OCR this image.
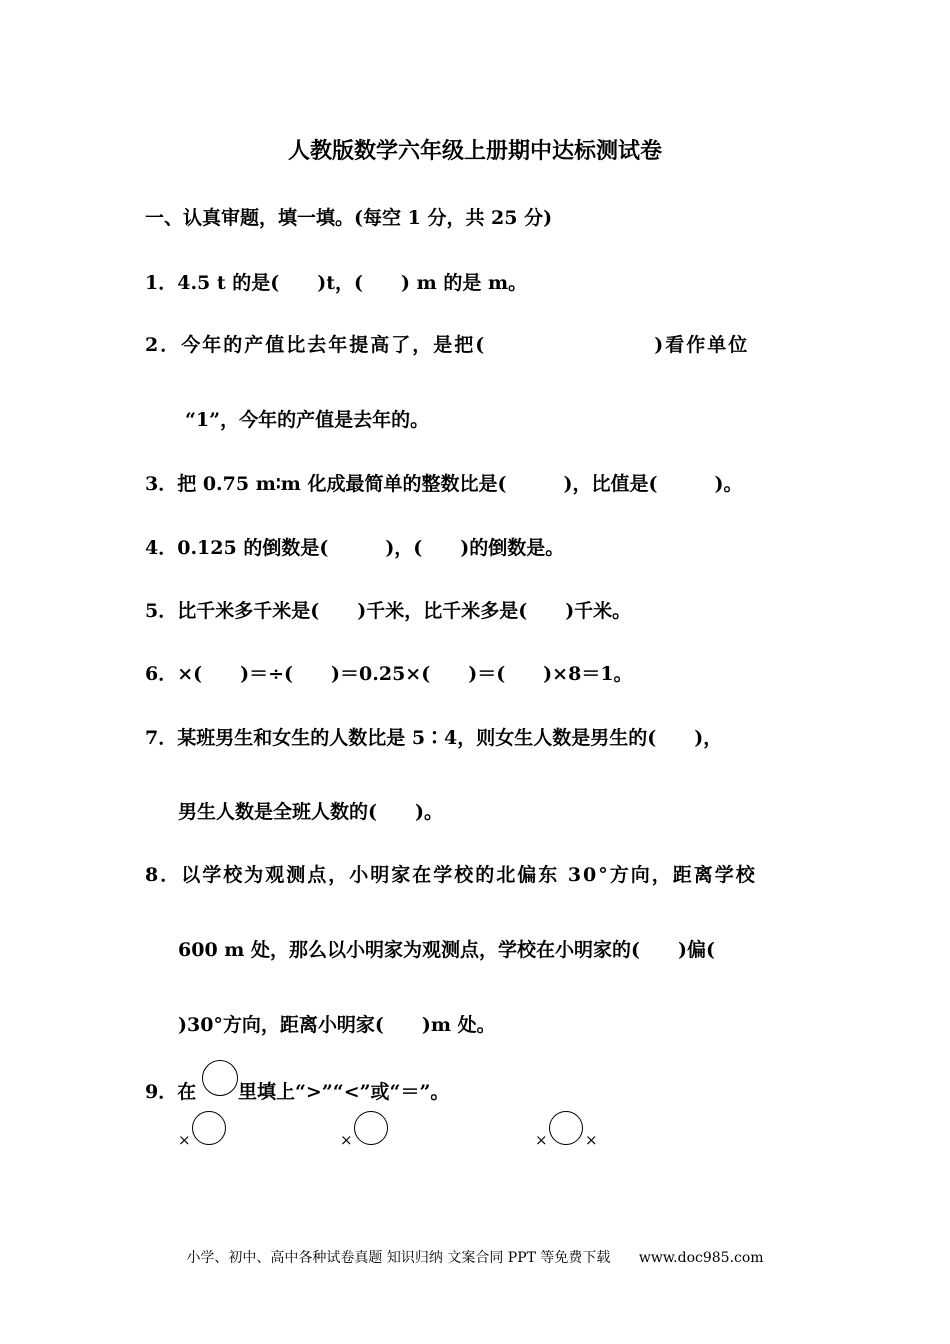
人教版数学六年级上册期中达标测试卷
一、认真审题，填一填。(每空 1 分，共 25 分)
1．4.5 t 的是(　　)t，(　　) m 的是 m。
2．今年的产值比去年提高了，是把(　　　　　　　　)看作单位
“1”，今年的产值是去年的。
3．把 0.75 m∶m 化成最简单的整数比是(　　　)，比值是(　　　)。
4．0.125 的倒数是(　　　)，(　　)的倒数是。
5．比千米多千米是(　　)千米，比千米多是(　　)千米。
6．×(　　)＝÷(　　)＝0.25×(　　)＝(　　)×8＝1。
7．某班男生和女生的人数比是 5∶4，则女生人数是男生的(　　)，
男生人数是全班人数的(　　)。
8．以学校为观测点，小明家在学校的北偏东 30°方向，距离学校
600 m 处，那么以小明家为观测点，学校在小明家的(　　)偏(
)30°方向，距离小明家(　　)m 处。
9．在 里填上“>”“<”或“＝”。
×	×	× ×
小学、初中、高中各种试卷真题 知识归纳 文案合同 PPT 等免费下载 www.doc985.com
